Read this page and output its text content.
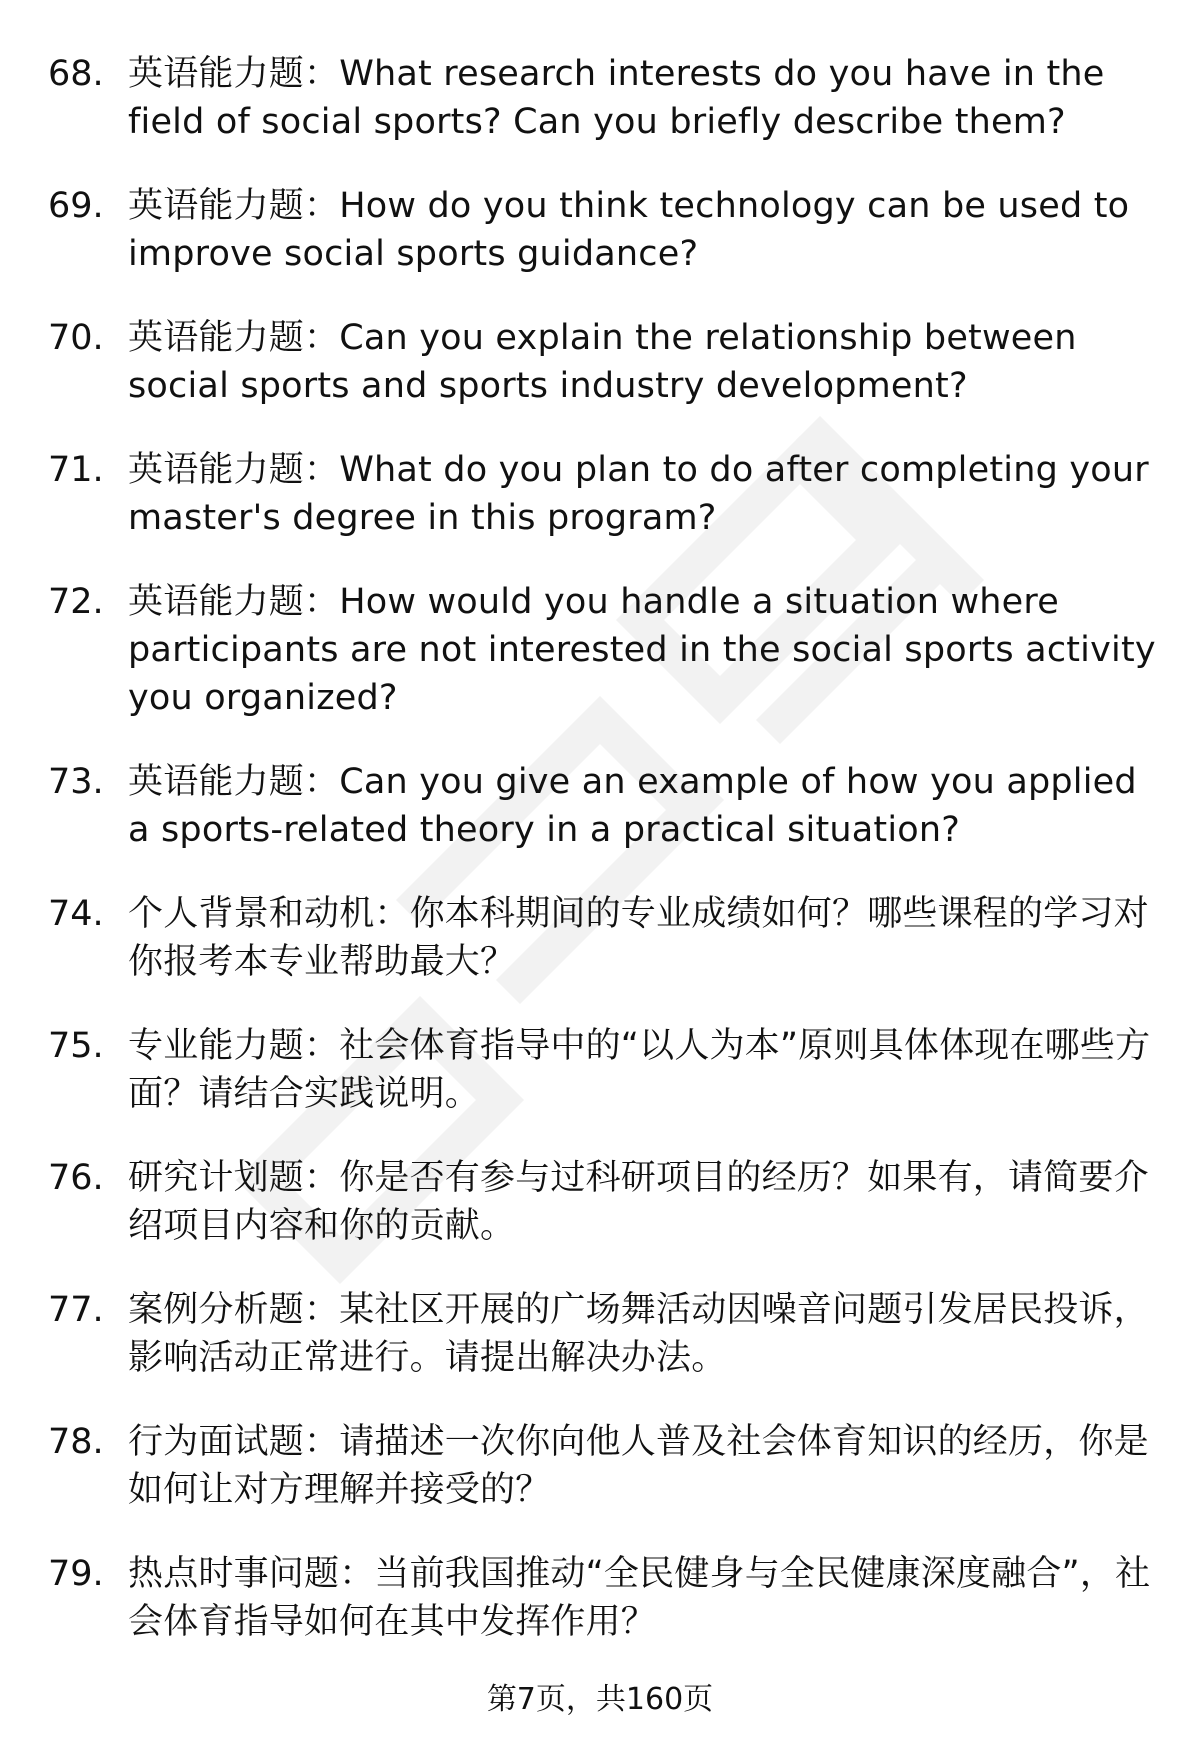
68. 英语能力题：What research interests do you have in the field of social sports? Can you briefly describe them?
69. 英语能力题：How do you think technology can be used to improve social sports guidance?
70. 英语能力题：Can you explain the relationship between social sports and sports industry development?
71. 英语能力题：What do you plan to do after completing your master's degree in this program?
72. 英语能力题：How would you handle a situation where participants are not interested in the social sports activity you organized?
73. 英语能力题：Can you give an example of how you applied a sports-related theory in a practical situation?
74. 个人背景和动机：你本科期间的专业成绩如何？哪些课程的学习对你报考本专业帮助最大？
75. 专业能力题：社会体育指导中的“以人为本”原则具体体现在哪些方面？请结合实践说明。
76. 研究计划题：你是否有参与过科研项目的经历？如果有，请简要介绍项目内容和你的贡献。
77. 案例分析题：某社区开展的广场舞活动因噪音问题引发居民投诉，影响活动正常进行。请提出解决办法。
78. 行为面试题：请描述一次你向他人普及社会体育知识的经历，你是如何让对方理解并接受的？
79. 热点时事问题：当前我国推动“全民健身与全民健康深度融合”，社会体育指导如何在其中发挥作用？
第7页，共160页
